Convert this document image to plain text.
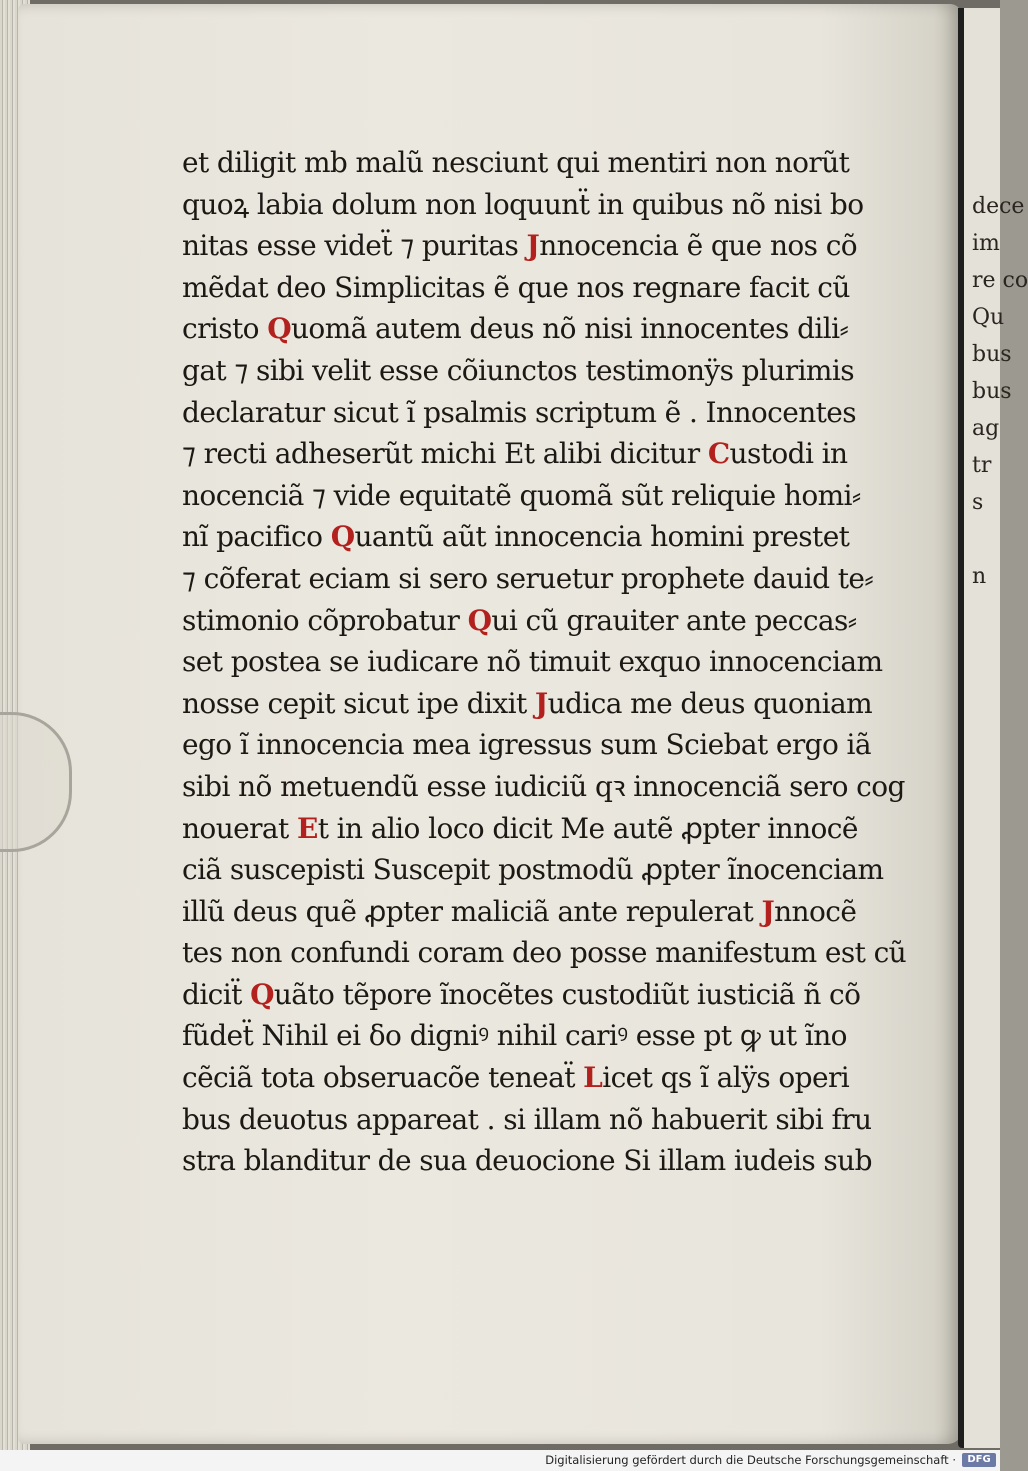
dece
im
re co
Qu
bus
bus
ag
tr
s

n
et diligit mb malũ nesciunt qui mentiri non norũt
quoꝝ labia dolum non loquunẗ in quibus nõ nisi bo
nitas esse videẗ ⁊ puritas Jnnocencia ẽ que nos cõ
mẽdat deo Simplicitas ẽ que nos regnare facit cũ
cristo Quomã autem deus nõ nisi innocentes dili⸗
gat ⁊ sibi velit esse cõiunctos testimonÿs plurimis
declaratur sicut ĩ psalmis scriptum ẽ . Innocentes
⁊ recti adheserũt michi Et alibi dicitur Custodi in
nocenciã ⁊ vide equitatẽ quomã sũt reliquie homi⸗
nĩ pacifico Quantũ aũt innocencia homini prestet
⁊ cõferat eciam si sero seruetur prophete dauid te⸗
stimonio cõprobatur Qui cũ grauiter ante peccas⸗
set postea se iudicare nõ timuit exquo innocenciam
nosse cepit sicut ipe dixit Judica me deus quoniam
ego ĩ innocencia mea igressus sum Sciebat ergo iã
sibi nõ metuendũ esse iudiciũ qꝛ innocenciã sero cog
nouerat Et in alio loco dicit Me autẽ ꝓpter innocẽ
ciã suscepisti Suscepit postmodũ ꝓpter ĩnocenciam
illũ deus quẽ ꝓpter maliciã ante repulerat Jnnocẽ
tes non confundi coram deo posse manifestum est cũ
diciẗ Quãto tẽpore ĩnocẽtes custodiũt iusticiã ñ cõ
fũdeẗ Nihil ei ẟo digniꝰ nihil cariꝰ esse pt ꝙ ut ĩno
cẽciã tota obseruacõe teneaẗ Licet qs ĩ alÿs operi
bus deuotus appareat . si illam nõ habuerit sibi fru
stra blanditur de sua deuocione Si illam iudeis sub
Digitalisierung gefördert durch die Deutsche Forschungsgemeinschaft ·	DFG
